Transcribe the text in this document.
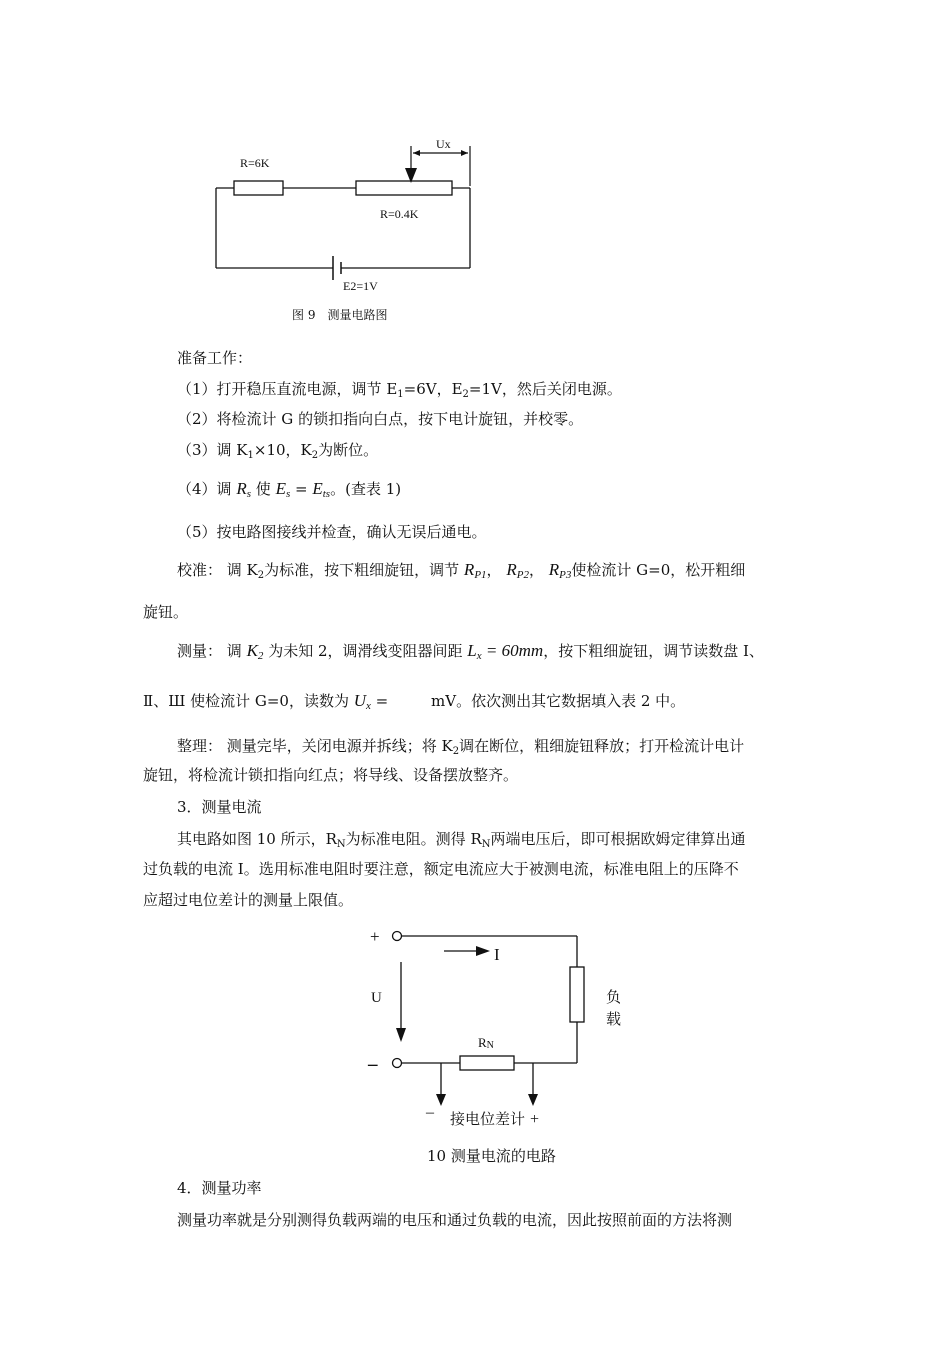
R=6K
R=0.4K
Ux
E2=1V
图 9　测量电路图
准备工作：
（1）打开稳压直流电源，调节 $E_1=6V$，$E_2=1V$，然后关闭电源。
（2）将检流计 G 的锁扣指向白点，按下电计旋钮，并校零。
（3）调 $K_1\times 10$，$K_2$为断位。
（4）调 $R_s$ 使 $E_s = E_{ts}$。(查表 1)
（5）按电路图接线并检查，确认无误后通电。
校准： 调 $K_2$为标准，按下粗细旋钮，调节 $R_{P1}$， $R_{P2}$， $R_{P3}$使检流计 G=0，松开粗细
旋钮。
测量： 调 $K_2$ 为未知 2，调滑线变阻器间距 $L_x = 60mm$，按下粗细旋钮，调节读数盘 I、
Ⅱ、Ш 使检流计 G=0，读数为 $U_x$ =	mV。依次测出其它数据填入表 2 中。
整理： 测量完毕，关闭电源并拆线；将 $K_2$调在断位，粗细旋钮释放；打开检流计电计
旋钮，将检流计锁扣指向红点；将导线、设备摆放整齐。
3．测量电流
其电路如图 10 所示，$R_N$为标准电阻。测得 $R_N$两端电压后，即可根据欧姆定律算出通
过负载的电流 I。选用标准电阻时要注意，额定电流应大于被测电流，标准电阻上的压降不
应超过电位差计的测量上限值。
+
–
I
U	负
载
RN
– 接电位差计 +
10 测量电流的电路
4．测量功率
测量功率就是分别测得负载两端的电压和通过负载的电流，因此按照前面的方法将测
